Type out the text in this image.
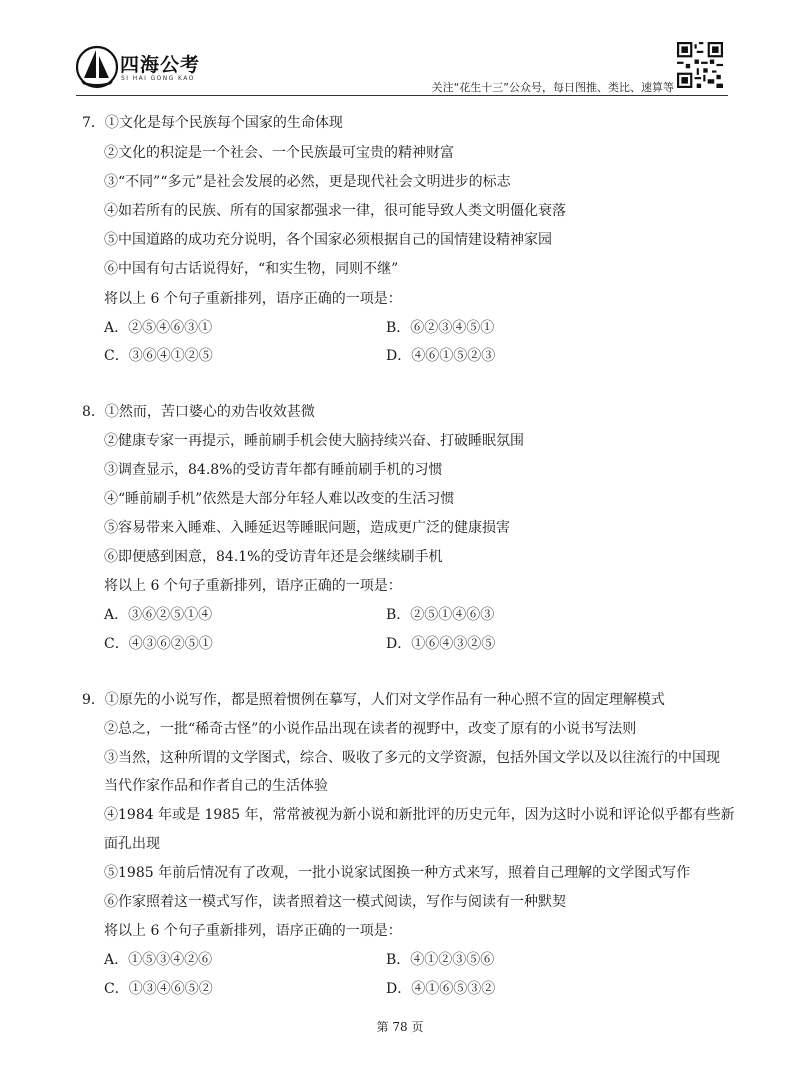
四海公考
SI HAI GONG KAO
关注“花生十三”公众号，每日图推、类比、速算等
7．①文化是每个民族每个国家的生命体现
②文化的积淀是一个社会、一个民族最可宝贵的精神财富
③“不同”“多元”是社会发展的必然，更是现代社会文明进步的标志
④如若所有的民族、所有的国家都强求一律，很可能导致人类文明僵化衰落
⑤中国道路的成功充分说明，各个国家必须根据自己的国情建设精神家园
⑥中国有句古话说得好，“和实生物，同则不继”
将以上 6 个句子重新排列，语序正确的一项是：
A．②⑤④⑥③①	B．⑥②③④⑤①
C．③⑥④①②⑤	D．④⑥①⑤②③
8．①然而，苦口婆心的劝告收效甚微
②健康专家一再提示，睡前刷手机会使大脑持续兴奋、打破睡眠氛围
③调查显示，84.8%的受访青年都有睡前刷手机的习惯
④“睡前刷手机”依然是大部分年轻人难以改变的生活习惯
⑤容易带来入睡难、入睡延迟等睡眠问题，造成更广泛的健康损害
⑥即便感到困意，84.1%的受访青年还是会继续刷手机
将以上 6 个句子重新排列，语序正确的一项是：
A．③⑥②⑤①④	B．②⑤①④⑥③
C．④③⑥②⑤①	D．①⑥④③②⑤
9．①原先的小说写作，都是照着惯例在摹写，人们对文学作品有一种心照不宣的固定理解模式
②总之，一批“稀奇古怪”的小说作品出现在读者的视野中，改变了原有的小说书写法则
③当然，这种所谓的文学图式，综合、吸收了多元的文学资源，包括外国文学以及以往流行的中国现
当代作家作品和作者自己的生活体验
④1984 年或是 1985 年，常常被视为新小说和新批评的历史元年，因为这时小说和评论似乎都有些新
面孔出现
⑤1985 年前后情况有了改观，一批小说家试图换一种方式来写，照着自己理解的文学图式写作
⑥作家照着这一模式写作，读者照着这一模式阅读，写作与阅读有一种默契
将以上 6 个句子重新排列，语序正确的一项是：
A．①⑤③④②⑥	B．④①②③⑤⑥
C．①③④⑥⑤②	D．④①⑥⑤③②
第 78 页
